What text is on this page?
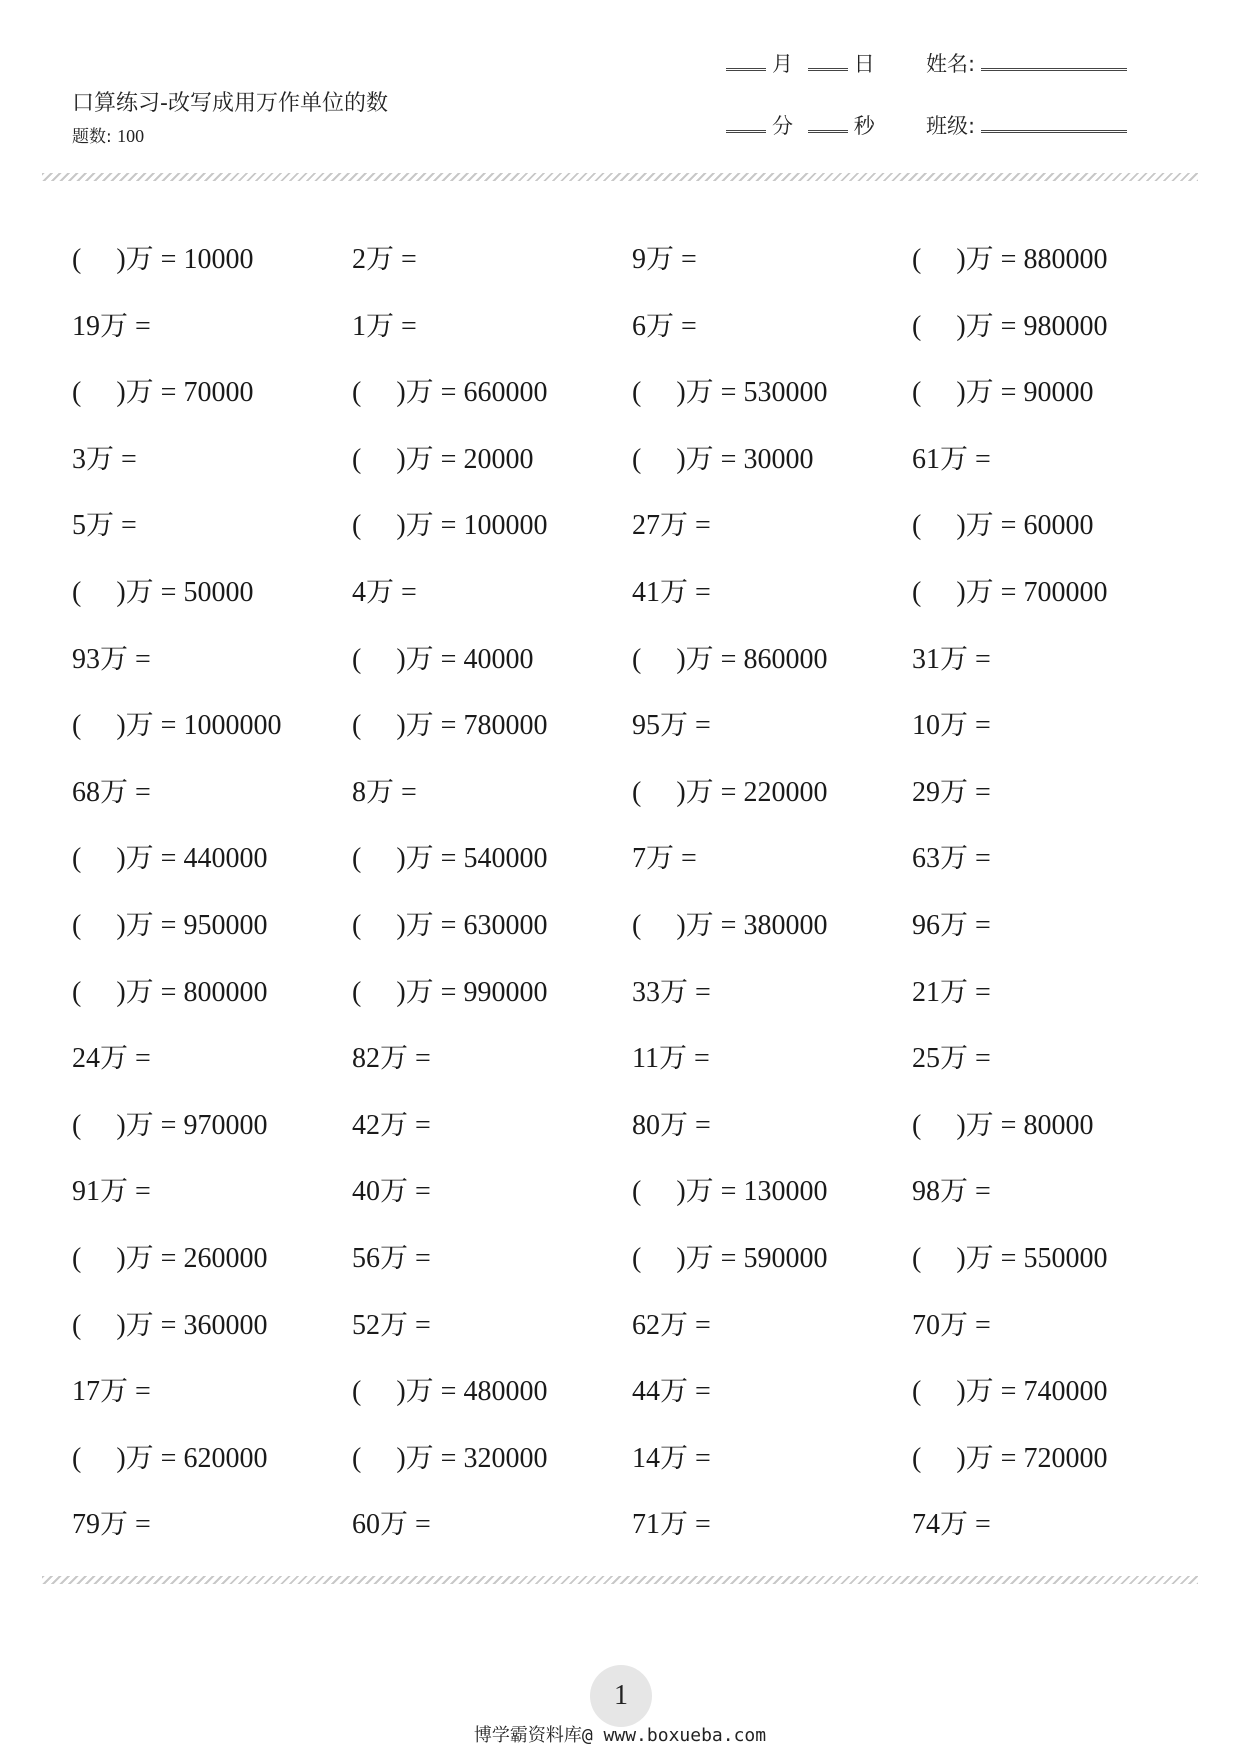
口算练习-改写成用万作单位的数
题数: 100
月	日 姓名:
分	秒 班级:
(     )万 = 10000	2万 =	9万 =	(     )万 = 880000
19万 =	1万 =	6万 =	(     )万 = 980000
(     )万 = 70000	(     )万 = 660000	(     )万 = 530000	(     )万 = 90000
3万 =	(     )万 = 20000	(     )万 = 30000	61万 =
5万 =	(     )万 = 100000	27万 =	(     )万 = 60000
(     )万 = 50000	4万 =	41万 =	(     )万 = 700000
93万 =	(     )万 = 40000	(     )万 = 860000	31万 =
(     )万 = 1000000	(     )万 = 780000	95万 =	10万 =
68万 =	8万 =	(     )万 = 220000	29万 =
(     )万 = 440000	(     )万 = 540000	7万 =	63万 =
(     )万 = 950000	(     )万 = 630000	(     )万 = 380000	96万 =
(     )万 = 800000	(     )万 = 990000	33万 =	21万 =
24万 =	82万 =	11万 =	25万 =
(     )万 = 970000	42万 =	80万 =	(     )万 = 80000
91万 =	40万 =	(     )万 = 130000	98万 =
(     )万 = 260000	56万 =	(     )万 = 590000	(     )万 = 550000
(     )万 = 360000	52万 =	62万 =	70万 =
17万 =	(     )万 = 480000	44万 =	(     )万 = 740000
(     )万 = 620000	(     )万 = 320000	14万 =	(     )万 = 720000
79万 =	60万 =	71万 =	74万 =
1
博学霸资料库@ www.boxueba.com
